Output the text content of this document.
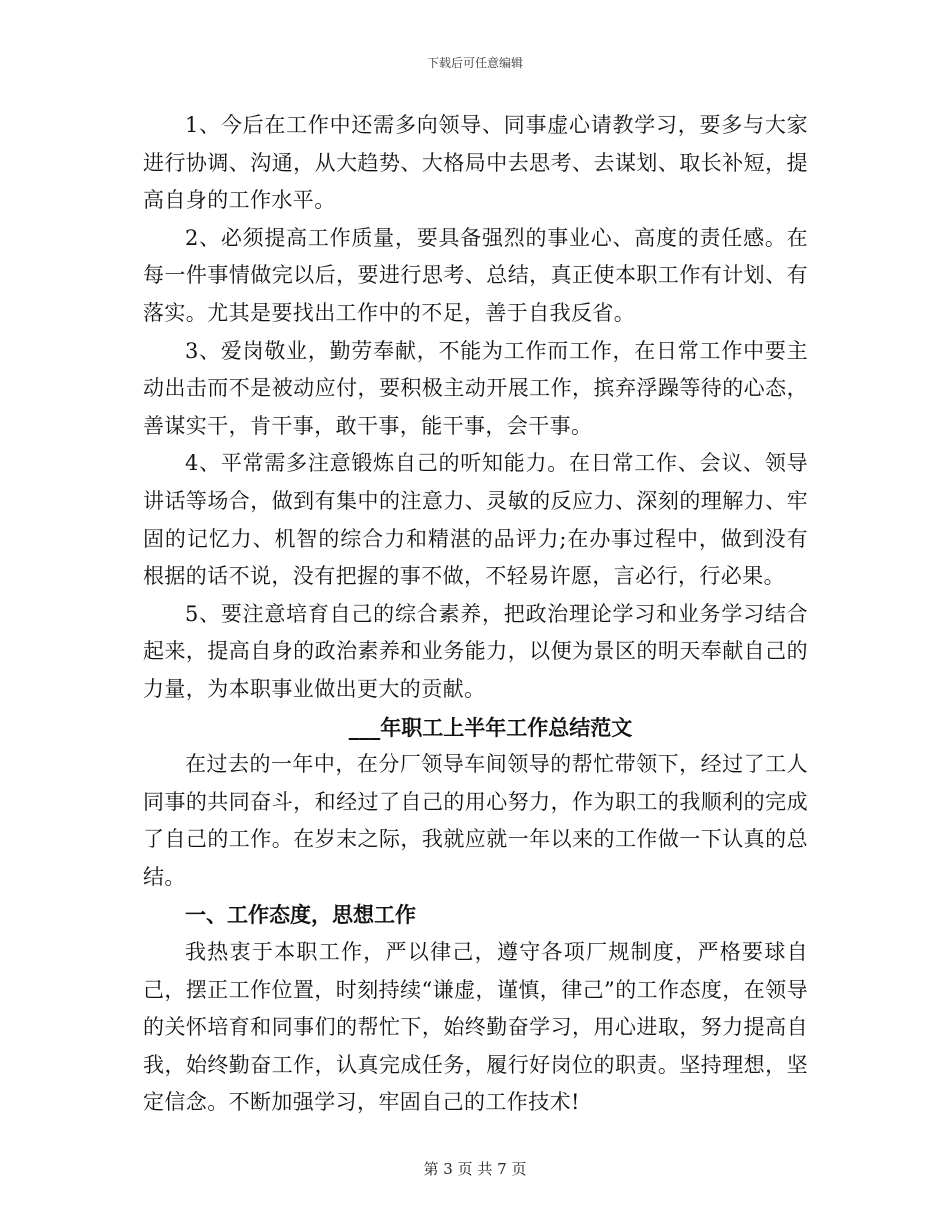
下载后可任意编辑

1、今后在工作中还需多向领导、同事虚心请教学习，要多与大家进行协调、沟通，从大趋势、大格局中去思考、去谋划、取长补短，提高自身的工作水平。

2、必须提高工作质量，要具备强烈的事业心、高度的责任感。在每一件事情做完以后，要进行思考、总结，真正使本职工作有计划、有落实。尤其是要找出工作中的不足，善于自我反省。

3、爱岗敬业，勤劳奉献，不能为工作而工作，在日常工作中要主动出击而不是被动应付，要积极主动开展工作，摈弃浮躁等待的心态，善谋实干，肯干事，敢干事，能干事，会干事。

4、平常需多注意锻炼自己的听知能力。在日常工作、会议、领导讲话等场合，做到有集中的注意力、灵敏的反应力、深刻的理解力、牢固的记忆力、机智的综合力和精湛的品评力;在办事过程中，做到没有根据的话不说，没有把握的事不做，不轻易许愿，言必行，行必果。

5、要注意培育自己的综合素养，把政治理论学习和业务学习结合起来，提高自身的政治素养和业务能力，以便为景区的明天奉献自己的力量，为本职事业做出更大的贡献。

___年职工上半年工作总结范文

在过去的一年中，在分厂领导车间领导的帮忙带领下，经过了工人同事的共同奋斗，和经过了自己的用心努力，作为职工的我顺利的完成了自己的工作。在岁末之际，我就应就一年以来的工作做一下认真的总结。

一、工作态度，思想工作

我热衷于本职工作，严以律己，遵守各项厂规制度，严格要球自己，摆正工作位置，时刻持续“谦虚，谨慎，律己”的工作态度，在领导的关怀培育和同事们的帮忙下，始终勤奋学习，用心进取，努力提高自我，始终勤奋工作，认真完成任务，履行好岗位的职责。坚持理想，坚定信念。不断加强学习，牢固自己的工作技术!

第 3 页 共 7 页
